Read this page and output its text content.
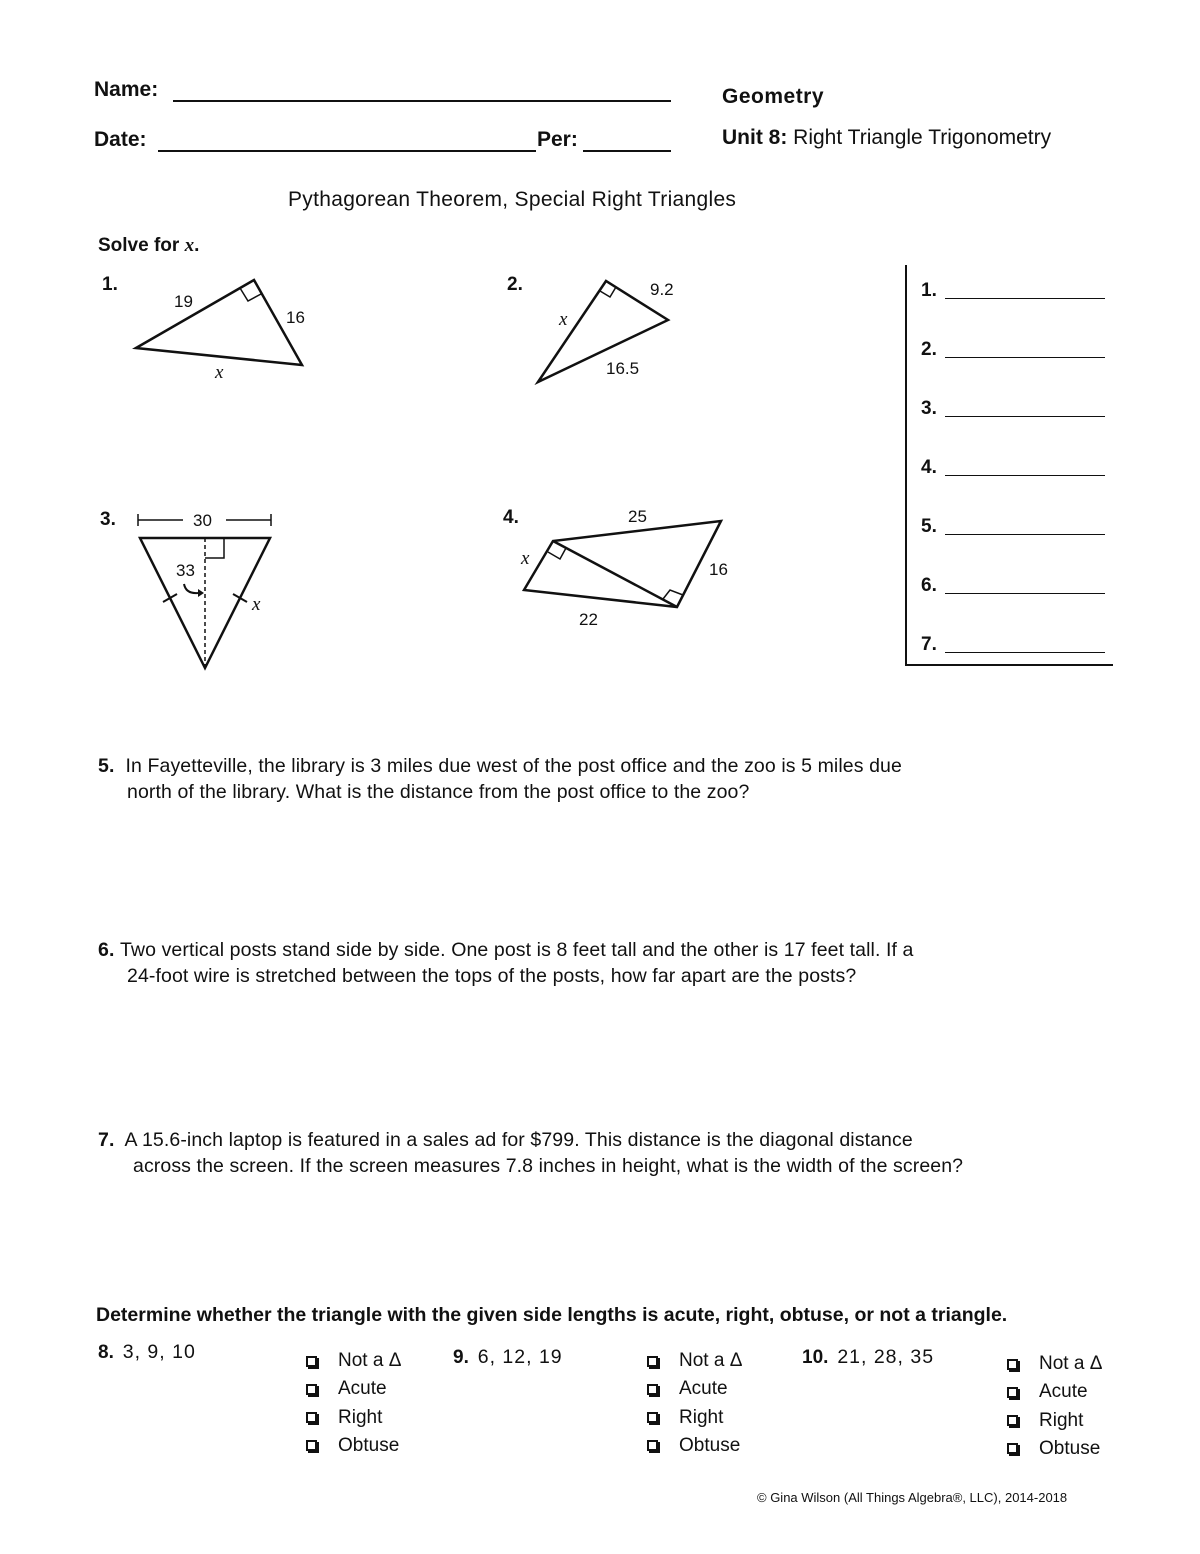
Name:
Date:	Per:
Geometry
Unit 8: Right Triangle Trigonometry
Pythagorean Theorem, Special Right Triangles
Solve for x.
1.
19
16
x
2.	9.2
x
16.5
3.	30
33
x
4.	25
16
x
22
1.
2.
3.
4.
5.
6.
7.
5. In Fayetteville, the library is 3 miles due west of the post office and the zoo is 5 miles due
north of the library. What is the distance from the post office to the zoo?
6. Two vertical posts stand side by side. One post is 8 feet tall and the other is 17 feet tall. If a
24-foot wire is stretched between the tops of the posts, how far apart are the posts?
7. A 15.6-inch laptop is featured in a sales ad for $799. This distance is the diagonal distance
across the screen. If the screen measures 7.8 inches in height, what is the width of the screen?
Determine whether the triangle with the given side lengths is acute, right, obtuse, or not a triangle.
8. 3, 9, 10	9. 6, 12, 19	10. 21, 28, 35
Not a Δ
Acute
Right
Obtuse
Not a Δ
Acute
Right
Obtuse
Not a Δ
Acute
Right
Obtuse
© Gina Wilson (All Things Algebra®, LLC), 2014-2018
